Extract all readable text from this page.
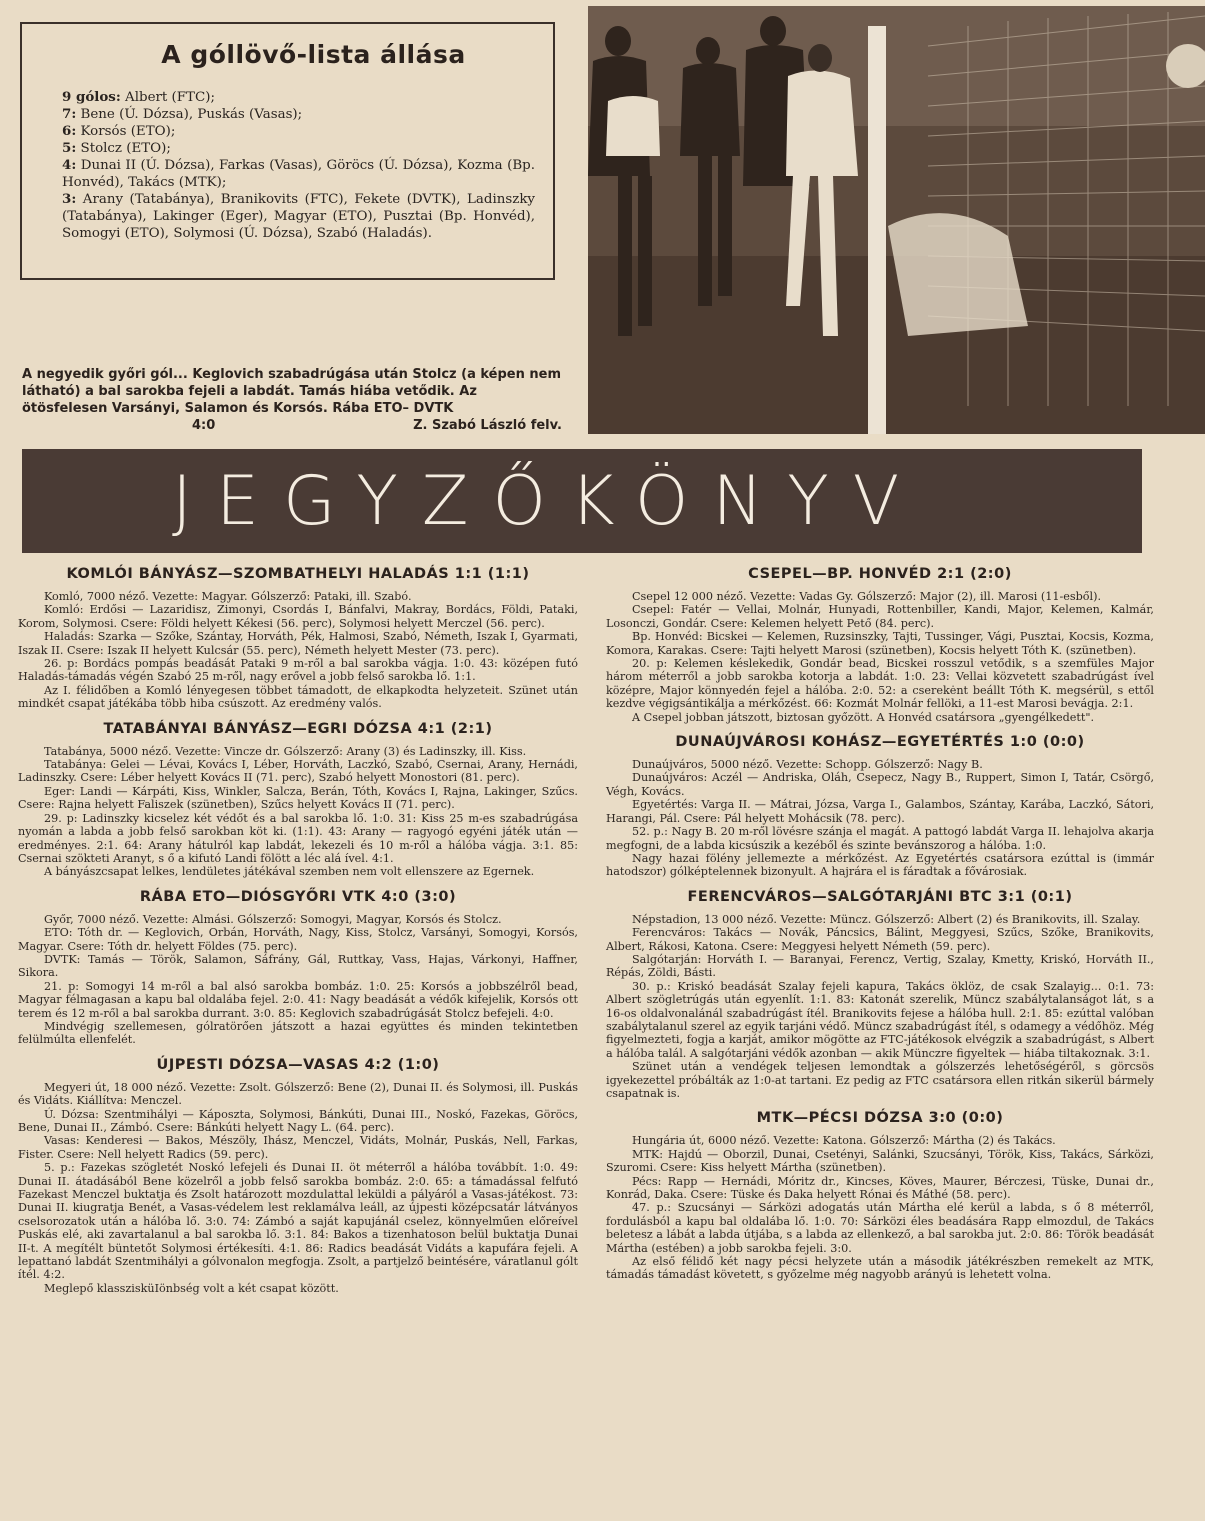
A góllövő-lista állása

9 gólos: Albert (FTC);

7: Bene (Ú. Dózsa), Puskás (Vasas);

6: Korsós (ETO);

5: Stolcz (ETO);

4: Dunai II (Ú. Dózsa), Farkas (Vasas), Göröcs (Ú. Dózsa), Kozma (Bp. Honvéd), Takács (MTK);

3: Arany (Tatabánya), Branikovits (FTC), Fekete (DVTK), Ladinszky (Tatabánya), Lakinger (Eger), Magyar (ETO), Pusztai (Bp. Honvéd), Somogyi (ETO), Solymosi (Ú. Dózsa), Szabó (Haladás).

A negyedik győri gól... Keglovich szabadrúgása után Stolcz (a képen nem látható) a bal sarokba fejeli a labdát. Tamás hiába vetődik. Az ötösfelesen Varsányi, Salamon és Korsós. Rába ETO– DVTK
4:0	Z. Szabó László felv.
JEGYZŐKÖNYV
KOMLÓI BÁNYÁSZ—SZOMBATHELYI HALADÁS 1:1 (1:1)

Komló, 7000 néző. Vezette: Magyar. Gólszerző: Pataki, ill. Szabó.

Komló: Erdősi — Lazaridisz, Zimonyi, Csordás I, Bánfalvi, Makray, Bordács, Földi, Pataki, Korom, Solymosi. Csere: Földi helyett Kékesi (56. perc), Solymosi helyett Merczel (56. perc).

Haladás: Szarka — Szőke, Szántay, Horváth, Pék, Halmosi, Szabó, Németh, Iszak I, Gyarmati, Iszak II. Csere: Iszak II helyett Kulcsár (55. perc), Németh helyett Mester (73. perc).

26. p: Bordács pompás beadását Pataki 9 m-ről a bal sarokba vágja. 1:0. 43: középen futó Haladás-támadás végén Szabó 25 m-ről, nagy erővel a jobb felső sarokba lő. 1:1.

Az I. félidőben a Komló lényegesen többet támadott, de elkapkodta helyzeteit. Szünet után mindkét csapat játékába több hiba csúszott. Az eredmény valós.

TATABÁNYAI BÁNYÁSZ—EGRI DÓZSA 4:1 (2:1)

Tatabánya, 5000 néző. Vezette: Vincze dr. Gólszerző: Arany (3) és Ladinszky, ill. Kiss.

Tatabánya: Gelei — Lévai, Kovács I, Léber, Horváth, Laczkó, Szabó, Csernai, Arany, Hernádi, Ladinszky. Csere: Léber helyett Kovács II (71. perc), Szabó helyett Monostori (81. perc).

Eger: Landi — Kárpáti, Kiss, Winkler, Salcza, Berán, Tóth, Kovács I, Rajna, Lakinger, Szűcs. Csere: Rajna helyett Faliszek (szünetben), Szűcs helyett Kovács II (71. perc).

29. p: Ladinszky kicselez két védőt és a bal sarokba lő. 1:0. 31: Kiss 25 m-es szabadrúgása nyomán a labda a jobb felső sarokban köt ki. (1:1). 43: Arany — ragyogó egyéni játék után — eredményes. 2:1. 64: Arany hátulról kap labdát, lekezeli és 10 m-ről a hálóba vágja. 3:1. 85: Csernai szökteti Aranyt, s ő a kifutó Landi fölött a léc alá ível. 4:1.

A bányászcsapat lelkes, lendületes játékával szemben nem volt ellenszere az Egernek.

RÁBA ETO—DIÓSGYŐRI VTK 4:0 (3:0)

Győr, 7000 néző. Vezette: Almási. Gólszerző: Somogyi, Magyar, Korsós és Stolcz.

ETO: Tóth dr. — Keglovich, Orbán, Horváth, Nagy, Kiss, Stolcz, Varsányi, Somogyi, Korsós, Magyar. Csere: Tóth dr. helyett Földes (75. perc).

DVTK: Tamás — Török, Salamon, Sáfrány, Gál, Ruttkay, Vass, Hajas, Várkonyi, Haffner, Sikora.

21. p: Somogyi 14 m-ről a bal alsó sarokba bombáz. 1:0. 25: Korsós a jobbszélről bead, Magyar félmagasan a kapu bal oldalába fejel. 2:0. 41: Nagy beadását a védők kifejelik, Korsós ott terem és 12 m-ről a bal sarokba durrant. 3:0. 85: Keglovich szabadrúgását Stolcz befejeli. 4:0.

Mindvégig szellemesen, gólratörően játszott a hazai együttes és minden tekintetben felülmúlta ellenfelét.

ÚJPESTI DÓZSA—VASAS 4:2 (1:0)

Megyeri út, 18 000 néző. Vezette: Zsolt. Gólszerző: Bene (2), Dunai II. és Solymosi, ill. Puskás és Vidáts. Kiállítva: Menczel.

Ú. Dózsa: Szentmihályi — Káposzta, Solymosi, Bánkúti, Dunai III., Noskó, Fazekas, Göröcs, Bene, Dunai II., Zámbó. Csere: Bánkúti helyett Nagy L. (64. perc).

Vasas: Kenderesi — Bakos, Mészöly, Ihász, Menczel, Vidáts, Molnár, Puskás, Nell, Farkas, Fister. Csere: Nell helyett Radics (59. perc).

5. p.: Fazekas szögletét Noskó lefejeli és Dunai II. öt méterről a hálóba továbbít. 1:0. 49: Dunai II. átadásából Bene közelről a jobb felső sarokba bombáz. 2:0. 65: a támadással felfutó Fazekast Menczel buktatja és Zsolt határozott mozdulattal leküldi a pályáról a Vasas-játékost. 73: Dunai II. kiugratja Benét, a Vasas-védelem lest reklamálva leáll, az újpesti középcsatár látványos cselsorozatok után a hálóba lő. 3:0. 74: Zámbó a saját kapujánál cselez, könnyelműen előreível Puskás elé, aki zavartalanul a bal sarokba lő. 3:1. 84: Bakos a tizenhatoson belül buktatja Dunai II-t. A megítélt büntetőt Solymosi értékesíti. 4:1. 86: Radics beadását Vidáts a kapufára fejeli. A lepattanó labdát Szentmihályi a gólvonalon megfogja. Zsolt, a partjelző beintésére, váratlanul gólt ítél. 4:2.

Meglepő klasszisküIönbség volt a két csapat között.

CSEPEL—BP. HONVÉD 2:1 (2:0)

Csepel 12 000 néző. Vezette: Vadas Gy. Gólszerző: Major (2), ill. Marosi (11-esből).

Csepel: Fatér — Vellai, Molnár, Hunyadi, Rottenbiller, Kandi, Major, Kelemen, Kalmár, Losonczi, Gondár. Csere: Kelemen helyett Pető (84. perc).

Bp. Honvéd: Bicskei — Kelemen, Ruzsinszky, Tajti, Tussinger, Vági, Pusztai, Kocsis, Kozma, Komora, Karakas. Csere: Tajti helyett Marosi (szünetben), Kocsis helyett Tóth K. (szünetben).

20. p: Kelemen késlekedik, Gondár bead, Bicskei rosszul vetődik, s a szemfüles Major három méterről a jobb sarokba kotorja a labdát. 1:0. 23: Vellai közvetett szabadrúgást ível középre, Major könnyedén fejel a hálóba. 2:0. 52: a cserekėnt beállt Tóth K. megsérül, s ettől kezdve végigsántikálja a mérkőzést. 66: Kozmát Molnár fellöki, a 11-est Marosi bevágja. 2:1.

A Csepel jobban játszott, biztosan győzött. A Honvéd csatársora „gyengélkedett".

DUNAÚJVÁROSI KOHÁSZ—EGYETÉRTÉS 1:0 (0:0)

Dunaújváros, 5000 néző. Vezette: Schopp. Gólszerző: Nagy B.

Dunaújváros: Aczél — Andriska, Oláh, Csepecz, Nagy B., Ruppert, Simon I, Tatár, Csörgő, Végh, Kovács.

Egyetértés: Varga II. — Mátrai, Józsa, Varga I., Galambos, Szántay, Karába, Laczkó, Sátori, Harangi, Pál. Csere: Pál helyett Mohácsik (78. perc).

52. p.: Nagy B. 20 m-ről lövésre szánja el magát. A pattogó labdát Varga II. lehajolva akarja megfogni, de a labda kicsúszik a kezéből és szinte bevánszorog a hálóba. 1:0.

Nagy hazai fölény jellemezte a mérkőzést. Az Egyetértés csatársora ezúttal is (immár hatodszor) gólképtelennek bizonyult. A hajrára el is fáradtak a fővárosiak.

FERENCVÁROS—SALGÓTARJÁNI BTC 3:1 (0:1)

Népstadion, 13 000 néző. Vezette: Müncz. Gólszerző: Albert (2) és Branikovits, ill. Szalay.

Ferencváros: Takács — Novák, Páncsics, Bálint, Meggyesi, Szűcs, Szőke, Branikovits, Albert, Rákosi, Katona. Csere: Meggyesi helyett Németh (59. perc).

Salgótarján: Horváth I. — Baranyai, Ferencz, Vertig, Szalay, Kmetty, Kriskó, Horváth II., Répás, Zöldi, Básti.

30. p.: Kriskó beadását Szalay fejeli kapura, Takács öklöz, de csak Szalayig... 0:1. 73: Albert szögletrúgás után egyenlít. 1:1. 83: Katonát szerelik, Müncz szabálytalanságot lát, s a 16-os oldalvonalánál szabadrúgást ítél. Branikovits fejese a hálóba hull. 2:1. 85: ezúttal valóban szabálytalanul szerel az egyik tarjáni védő. Müncz szabadrúgást ítél, s odamegy a védőhöz. Még figyelmezteti, fogja a karját, amikor mögötte az FTC-játékosok elvégzik a szabadrúgást, s Albert a hálóba talál. A salgótarjáni védők azonban — akik Münczre figyeltek — hiába tiltakoznak. 3:1.

Szünet után a vendégek teljesen lemondtak a gólszerzés lehetőségéről, s görcsös igyekezettel próbálták az 1:0-at tartani. Ez pedig az FTC csatársora ellen ritkán sikerül bármely csapatnak is.

MTK—PÉCSI DÓZSA 3:0 (0:0)

Hungária út, 6000 néző. Vezette: Katona. Gólszerző: Mártha (2) és Takács.

MTK: Hajdú — Oborzil, Dunai, Csetényi, Salánki, Szucsányi, Török, Kiss, Takács, Sárközi, Szuromi. Csere: Kiss helyett Mártha (szünetben).

Pécs: Rapp — Hernádi, Móritz dr., Kincses, Köves, Maurer, Bérczesi, Tüske, Dunai dr., Konrád, Daka. Csere: Tüske és Daka helyett Rónai és Máthé (58. perc).

47. p.: Szucsányi — Sárközi adogatás után Mártha elé kerül a labda, s ő 8 méterről, fordulásból a kapu bal oldalába lő. 1:0. 70: Sárközi éles beadására Rapp elmozdul, de Takács beletesz a lábát a labda útjába, s a labda az ellenkező, a bal sarokba jut. 2:0. 86: Török beadását Mártha (estében) a jobb sarokba fejeli. 3:0.

Az első félidő két nagy pécsi helyzete után a második játékrészben remekelt az MTK, támadás támadást követett, s győzelme még nagyobb arányú is lehetett volna.
